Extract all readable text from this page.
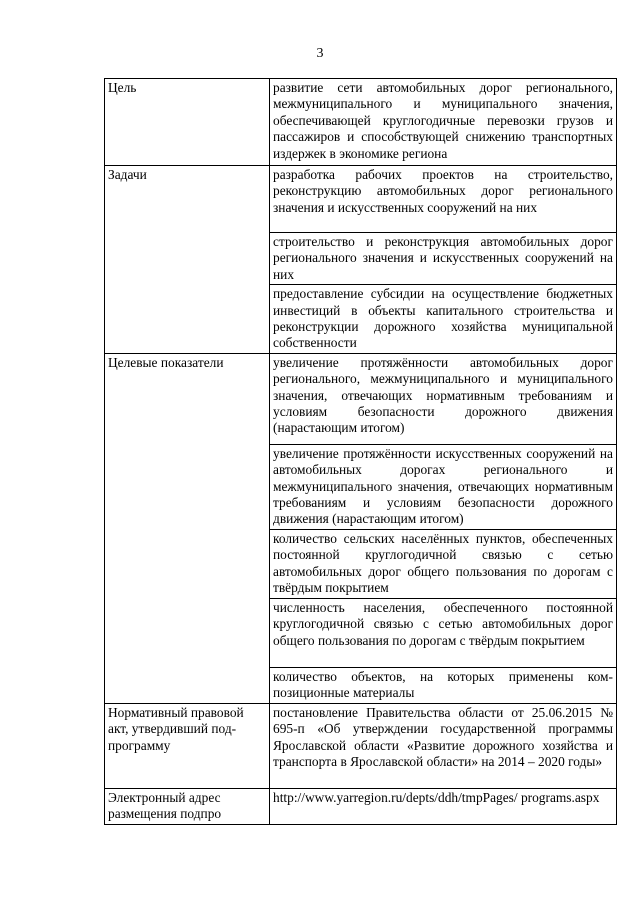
3
Цель	развитие сети автомобильных дорог регионального, межмуниципального и муниципального значения, обеспечивающей круглогодичные перевозки грузов и пассажиров и способствующей снижению транспортных издержек в экономике региона

Задачи	разработка рабочих проектов на строительство, реконструкцию автомобильных дорог регионального значения и искусственных сооружений на них

	строительство и реконструкция автомобильных дорог регионального значения и искусственных сооружений на них

	предоставление субсидии на осуществление бюджетных инвестиций в объекты капитального строительства и реконструкции дорожного хозяйства муниципальной собственности

Целевые показатели	увеличение протяжённости автомобильных дорог регионального, межмуниципального и муниципального значения, отвечающих нормативным требованиям и условиям безопасности дорожного движения (нарастающим итогом)

	увеличение протяжённости искусственных сооружений на автомобильных дорогах регионального и межмуниципального значения, отвечающих нормативным требованиям и условиям безопасности дорожного движения (нарастающим итогом)

	количество сельских населённых пунктов, обеспеченных постоянной круглогодичной связью с сетью автомобильных дорог общего пользования по дорогам с твёрдым покрытием

	численность населения, обеспеченного постоянной круглогодичной связью с сетью автомобильных дорог общего пользования по дорогам с твёрдым покрытием

	количество объектов, на которых применены композиционные материалы

Нормативный правовой акт, утвердивший подпрограмму	постановление Правительства области от 25.06.2015 № 695-п «Об утверждении государственной программы Ярославской области «Развитие дорожного хозяйства и транспорта в Ярославской области» на 2014 – 2020 годы»

Электронный адрес размещения подпро	http://www.yarregion.ru/depts/ddh/tmpPages/ programs.aspx
